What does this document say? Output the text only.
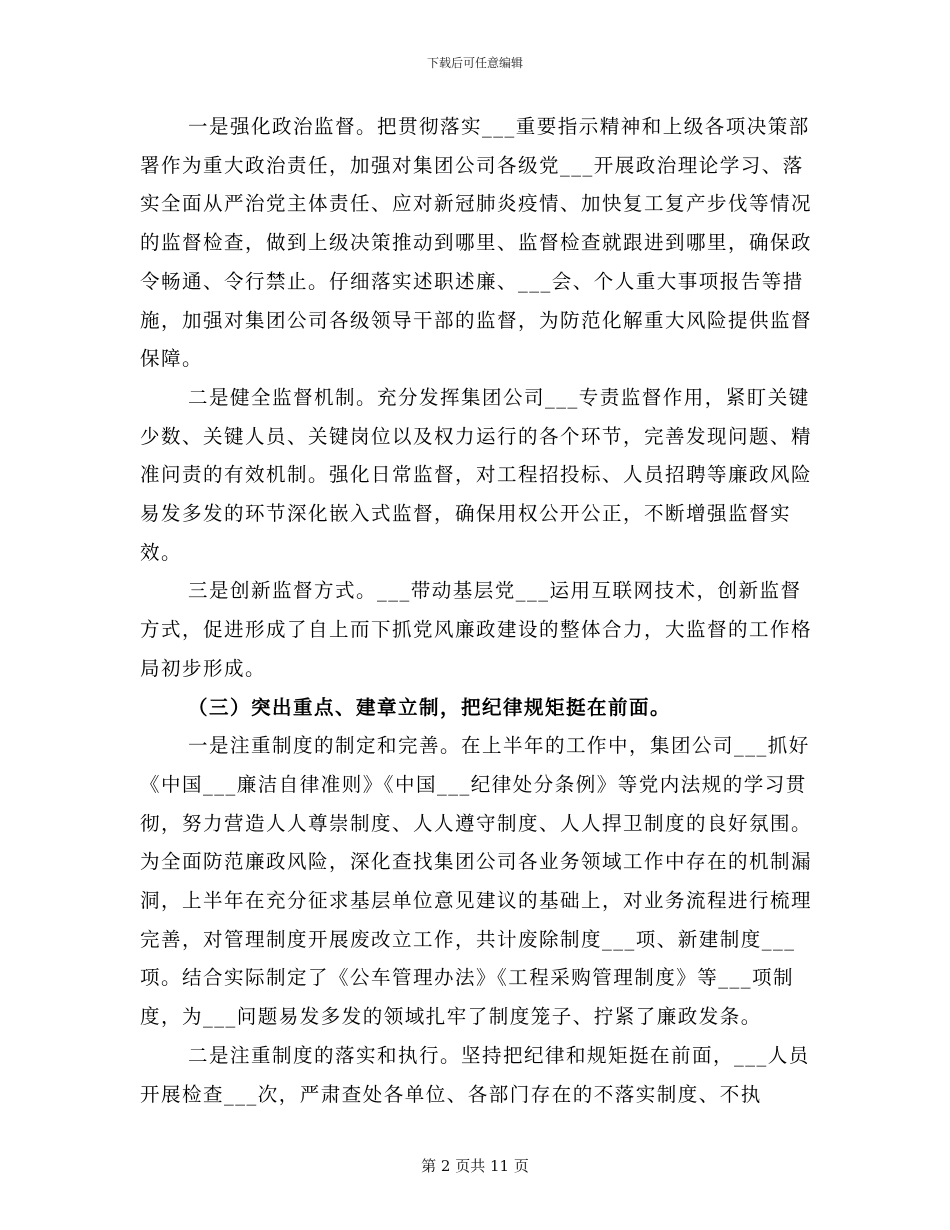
下载后可任意编辑

一是强化政治监督。把贯彻落实___重要指示精神和上级各项决策部署作为重大政治责任，加强对集团公司各级党___开展政治理论学习、落实全面从严治党主体责任、应对新冠肺炎疫情、加快复工复产步伐等情况的监督检查，做到上级决策推动到哪里、监督检查就跟进到哪里，确保政令畅通、令行禁止。仔细落实述职述廉、___会、个人重大事项报告等措施，加强对集团公司各级领导干部的监督，为防范化解重大风险提供监督保障。

二是健全监督机制。充分发挥集团公司___专责监督作用，紧盯关键少数、关键人员、关键岗位以及权力运行的各个环节，完善发现问题、精准问责的有效机制。强化日常监督，对工程招投标、人员招聘等廉政风险易发多发的环节深化嵌入式监督，确保用权公开公正，不断增强监督实效。

三是创新监督方式。___带动基层党___运用互联网技术，创新监督方式，促进形成了自上而下抓党风廉政建设的整体合力，大监督的工作格局初步形成。

（三）突出重点、建章立制，把纪律规矩挺在前面。

一是注重制度的制定和完善。在上半年的工作中，集团公司___抓好《中国___廉洁自律准则》《中国___纪律处分条例》等党内法规的学习贯彻，努力营造人人尊崇制度、人人遵守制度、人人捍卫制度的良好氛围。为全面防范廉政风险，深化查找集团公司各业务领域工作中存在的机制漏洞，上半年在充分征求基层单位意见建议的基础上，对业务流程进行梳理完善，对管理制度开展废改立工作，共计废除制度___项、新建制度___项。结合实际制定了《公车管理办法》《工程采购管理制度》等___项制度，为___问题易发多发的领域扎牢了制度笼子、拧紧了廉政发条。

二是注重制度的落实和执行。坚持把纪律和规矩挺在前面，___人员开展检查___次，严肃查处各单位、各部门存在的不落实制度、不执

第 2 页共 11 页
